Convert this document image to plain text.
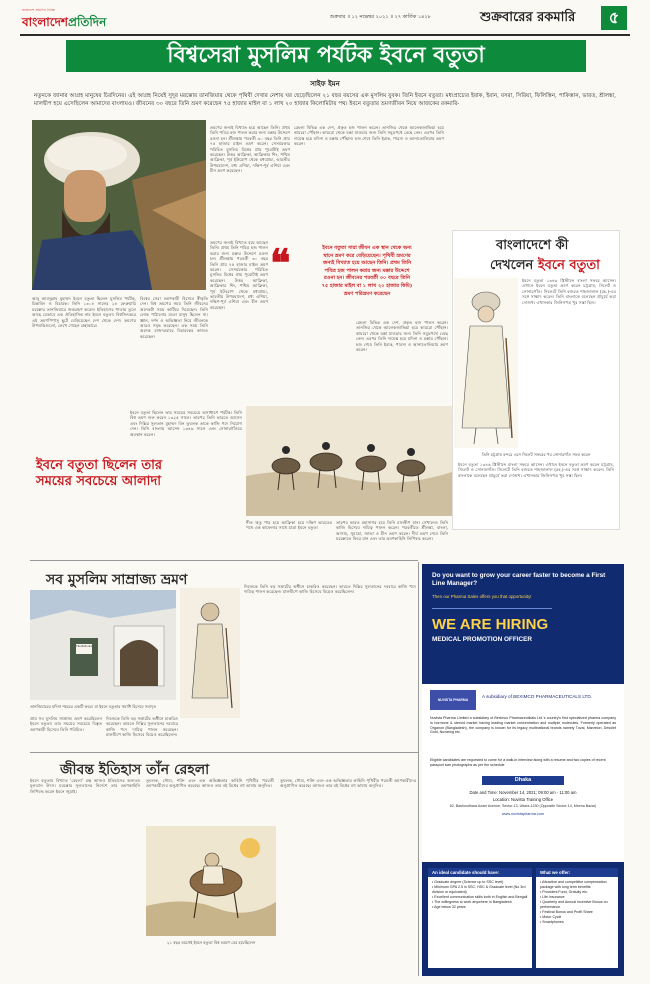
বাংলাদেশ প্রতিদিন দৈনিক
বাংলাদেশপ্রতিদিন	শুক্রবার ॥ ১২ নভেম্বর ২০২১ ॥ ২৭ কার্তিক ১৪২৮	শুক্রবারের রকমারি	৫
বিশ্বসেরা মুসলিম পর্যটক ইবনে বতুতা
সাইফ ইমন
নতুনকে জানার আগ্রহ মানুষের চিরদিনের। এই আগ্রহ নিয়েই সুদূর মরক্কোর তানজিয়ার থেকে পৃথিবী দেখার নেশায় ঘর ছেড়েছিলেন ২১ বছর বয়সের এক মুসলিম যুবক। তিনি ইবনে বতুতা। মধ্যপ্রাচ্যের ইরাক, ইরান, বসরা, সিরিয়া, ফিলিস্তিন, পাকিস্তান, ভারত, শ্রীলঙ্কা, মালদ্বীপ হয়ে এসেছিলেন আমাদের বাংলায়ও। জীবনের ৩০ বছরে তিনি ভ্রমণ করেছেন ৭৫ হাজার মাইল বা ১ লাখ ২০ হাজার কিলোমিটার পথ। ইবনে বতুতার ভ্রমণজীবন নিয়ে আজকের রকমারি-
আবু আবদুল্লাহ মুহাম্মদ ইবনে বতুতা ছিলেন মুসলিম পর্যটক, চিন্তাবিদ ও বিচারক। তিনি ১৩০৪ সালের ২৪ ফেব্রুয়ারি মরক্কোর তানজিয়ারে জন্মগ্রহণ করেন। ইতিহাসের পাতায় তুলে আছে যেভাবে এক ঐতিহাসিক নাম ইবনে বতুতা। বিশ্বজিৎকরে এই ভ্রমণপিপাসু ছুটে বেড়িয়েছেন দেশ থেকে দেশ। ভ্রমণের উপলব্ধিগুলো, লেখে গেছেন গ্রন্থাকারে।
বিশ্বের সেরা ভ্রমণকারী হিসেবে স্বীকৃতি দেন। বিশ্ব ভ্রমণের সময় তিনি জীবনের অনেকটা সময় কাটিয়ে দিয়েছেন। তিনি লোক পাঠানোর মতো মানুষ ছিলেন না। জ্ঞান, দর্শন ও অভিজ্ঞতা নিয়ে জীবনকে আরও সমৃদ্ধ করেছেন। এক সময় তিনি অনেক রাজদরবারে বিচারকের কাজও করেছেন।
ভ্রমণের জন্যই বিখ্যাত হয়ে আছেন তিনি। প্রথম তিনি পবিত্র হজ পালন করার জন্য মক্কার উদ্দেশে রওনা হন। শ্রীলঙ্কায় পরবর্তী ৩০ বছর তিনি প্রায় ৭৫ হাজার মাইল ভ্রমণ করেন। সেসময়কার পরিচিত মুসলিম বিশ্বের প্রায় পুরোটাই ভ্রমণ করেছেন। উত্তর আফ্রিকা, আফ্রিকার শিং, পশ্চিম আফ্রিকা, পূর্ব ইউরোপ থেকে মধ্যপ্রাচ্য, ভারতীয় উপমহাদেশ, মধ্য এশিয়া, দক্ষিণ-পূর্ব এশিয়া এবং চীন ভ্রমণ করেছেন।
রেহলা বিভিন্ন এক দেশ, প্রকৃত হজ পালন করেন। তানজির থেকে আলেকজান্দ্রিয়া হয়ে কায়রো পৌঁছান। কায়রো থেকে মক্কা যাওয়ার জন্য তিনি সমুদ্রপথে বেছে নেন। এরপর তিনি দামেস্ক হয়ে মদিনা ও মক্কায় পৌঁছান। হজ শেষে তিনি ইরাক, পারস্য ও আনাতোলিয়ায় ভ্রমণ করেন।
❝	ইবনে বতুতা সারা জীবন এক স্থান থেকে অন্য স্থানে ভ্রমণ করে বেড়িয়েছেন। পৃথিবী ভ্রমণের জন্যই বিখ্যাত হয়ে আছেন তিনি। প্রথম তিনি পবিত্র হজ পালন করার জন্য মক্কার উদ্দেশে রওনা হন। জীবনের পরবর্তী ৩০ বছরে তিনি ৭৫ হাজার মাইল বা ১ লাখ ২০ হাজার কিমি) ভ্রমণ পরিভ্রমণ করেছেন
ভ্রমণের জন্যই বিখ্যাত হয়ে আছেন তিনি। প্রথম তিনি পবিত্র হজ পালন করার জন্য মক্কার উদ্দেশে রওনা হন। শ্রীলঙ্কায় পরবর্তী ৩০ বছর তিনি প্রায় ৭৫ হাজার মাইল ভ্রমণ করেন। সেসময়কার পরিচিত মুসলিম বিশ্বের প্রায় পুরোটাই ভ্রমণ করেছেন। উত্তর আফ্রিকা, আফ্রিকার শিং, পশ্চিম আফ্রিকা, পূর্ব ইউরোপ থেকে মধ্যপ্রাচ্য, ভারতীয় উপমহাদেশ, মধ্য এশিয়া, দক্ষিণ-পূর্ব এশিয়া এবং চীন ভ্রমণ করেছেন।
রেহলা বিভিন্ন এক দেশ, প্রকৃত হজ পালন করেন। তানজির থেকে আলেকজান্দ্রিয়া হয়ে কায়রো পৌঁছান। কায়রো থেকে মক্কা যাওয়ার জন্য তিনি সমুদ্রপথে বেছে নেন। এরপর তিনি দামেস্ক হয়ে মদিনা ও মক্কায় পৌঁছান। হজ শেষে তিনি ইরাক, পারস্য ও আনাতোলিয়ায় ভ্রমণ করেন।
বাংলাদেশে কী
দেখলেন ইবনে বতুতা
ইবনে বতুতা ১৩৪৬ খ্রিস্টাব্দে বাংলা সফরে আসেন। এখানে ইবনে বতুতা ভ্রমণ করেন চট্টগ্রাম, সিলেট ও সোনারগাঁও। সিলেটে তিনি হজরত শাহজালাল (রহ.)-এর সঙ্গে সাক্ষাৎ করেন। তিনি বাংলাকে বলেছেন প্রাচুর্যে ভরা দোজখ। এখানকার জিনিসপত্র খুব সস্তা ছিল।
তিনি চট্টগ্রাম বন্দরে এসে সিলেট সফরের পর সোনারগাঁও সফর করেন
ইবনে বতুতা ১৩৪৬ খ্রিস্টাব্দে বাংলা সফরে আসেন। এখানে ইবনে বতুতা ভ্রমণ করেন চট্টগ্রাম, সিলেট ও সোনারগাঁও। সিলেটে তিনি হজরত শাহজালাল (রহ.)-এর সঙ্গে সাক্ষাৎ করেন। তিনি বাংলাকে বলেছেন প্রাচুর্যে ভরা দোজখ। এখানকার জিনিসপত্র খুব সস্তা ছিল।
ইবনে বতুতা ছিলেন তার সময়ের সবচেয়ে অসাধারণ পর্যটক। তিনি বিশ্ব ভ্রমণ শুরু করেন ১৩২৫ সালে। তারপর তিনি ভারতে আসেন এবং দিল্লির সুলতান মুহাম্মদ বিন তুঘলক তাকে কাজি পদে নিয়োগ দেন। তিনি বাংলায় আসেন ১৩৪৬ সালে এবং সোনারগাঁওয়ে অবস্থান করেন।
ইবনে বতুতা ছিলেন তার সময়ের সবচেয়ে আলাদা
শীত ঋতু পার হয়ে আফ্রিকা হয়ে দক্ষিণ ভারতের পথে এক কাফেলার সাথে যাত্রা ইবনে বতুতা
তারপর ভারত মহাসাগর হয়ে তিনি মালদ্বীপ যান। সেখানেও তিনি কাজি হিসেবে দায়িত্ব পালন করেন। পরবর্তীতে শ্রীলঙ্কা, বাংলা, আসাম, সুমাত্রা, জাভা ও চীন ভ্রমণ করেন। দীর্ঘ ভ্রমণ শেষে তিনি মরক্কোতে ফিরে যান এবং তার ভ্রমণকাহিনি লিপিবদ্ধ করেন।
সব মুসলিম সাম্রাজ্য ভ্রমণ
The Bettoute
তানজিয়ারের মদিনা শহরের একটি কবর। যা ইবনে বতুতার সমাধি হিসেবে সমাদৃত
প্রায় সব মুসলিম সাম্রাজ্য ভ্রমণ করেছিলেন ইবনে বতুতা। তার সময়ের সবচেয়ে বিস্তৃত ভ্রমণকারী হিসেবে তিনি পরিচিত।
নিজেকে তিনি বড় সম্রাটের অধীনে চাকরিও করেছেন। ভারতে দিল্লির সুলতানের দরবারে কাজি পদে দায়িত্ব পালন করেছেন। মালদ্বীপে কাজি হিসেবে বিয়েও করেছিলেন।
নিজেকে তিনি বড় সম্রাটের অধীনে চাকরিও করেছেন। ভারতে দিল্লির সুলতানের দরবারে কাজি পদে দায়িত্ব পালন করেছেন। মালদ্বীপে কাজি হিসেবে বিয়েও করেছিলেন।
জীবন্ত ইতিহাস তাঁন রেহলা
ইবনে বতুতার বিখ্যাত 'রেহলা' গ্রন্থ আজও ইতিহাসের অন্যতম মূল্যবান উৎস। মরক্কোর সুলতানের নির্দেশে তার ভ্রমণকাহিনি লিপিবদ্ধ করেন ইবনে জুযাই।
তুঘলক, সৌম্য, শক্তি এবং এক অভিজ্ঞতার কাহিনি পৃথিবীর পরবর্তী ভ্রমণকারীদের অনুপ্রাণিত করেছে। আজও তার বই বিশ্বের বহু ভাষায় অনূদিত।
২১ বছর বয়সেই ইবনে বতুতা বিশ্ব ভ্রমণে বের হয়েছিলেন
তুঘলক, সৌম্য, শক্তি এবং এক অভিজ্ঞতার কাহিনি পৃথিবীর পরবর্তী ভ্রমণকারীদের অনুপ্রাণিত করেছে। আজও তার বই বিশ্বের বহু ভাষায় অনূদিত।
Do you want to grow your career faster to become a First Line Manager?
Then our Pharma Sales offers you that opportunity!
WE ARE HIRING
MEDICAL PROMOTION OFFICER
NUVISTA PHARMA
A subsidiary of BEXIMCO PHARMACEUTICALS LTD.
Nuvista Pharma Limited a subsidiary of Beximco Pharmaceuticals Ltd.'s country's first specialized pharma company in hormone & steroid market having leading market concentration and multiple molecules. Formerly operated as Organon (Bangladesh), the company is known for its legacy multinational brands namely Tuval, Marvelon, Desolet Gold, Nuvaring etc.
Eligible candidates are requested to come for a walk-in interview along with a resume and two copies of recent passport size photographs as per the schedule
Dhaka
Date and Time: November 14, 2021; 09:00 am - 11:00 am
Location: Nuvista Training Office
62, Bashundhara Azam Avenue, Sector-13, Uttara-1230 (Opposite Sector-14, Meena Bazar)
www.nuvistapharma.com
An ideal candidate should have:
• Graduate degree (Science up to SSC level)
• Minimum GPA 2.5 in SSC, HSC & Graduate level (No 3rd division or equivalent)
• Excellent communication skills both in English and Bengali
• The willingness to work anywhere in Bangladesh
• Age below 32 years
What we offer:
• Attractive and competitive compensation package with long term benefits
• Provident Fund, Gratuity etc.
• Life insurance
• Quarterly and Annual Incentive Bonus on performance
• Festival Bonus and Profit Share
• Motor Cycle
• Smartphones
